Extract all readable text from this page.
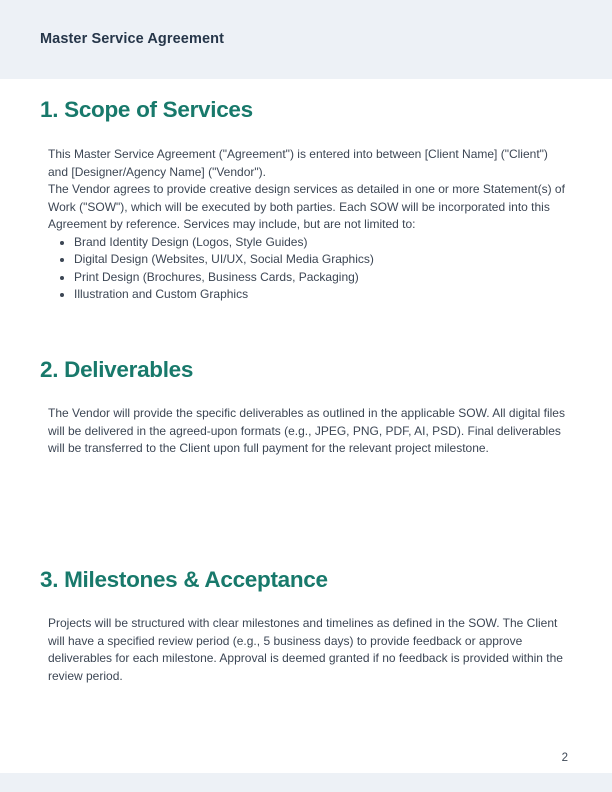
Master Service Agreement
1. Scope of Services

This Master Service Agreement ("Agreement") is entered into between [Client Name] ("Client") and [Designer/Agency Name] ("Vendor").

The Vendor agrees to provide creative design services as detailed in one or more Statement(s) of Work ("SOW"), which will be executed by both parties. Each SOW will be incorporated into this Agreement by reference. Services may include, but are not limited to:

• Brand Identity Design (Logos, Style Guides)
• Digital Design (Websites, UI/UX, Social Media Graphics)
• Print Design (Brochures, Business Cards, Packaging)
• Illustration and Custom Graphics
2. Deliverables

The Vendor will provide the specific deliverables as outlined in the applicable SOW. All digital files will be delivered in the agreed-upon formats (e.g., JPEG, PNG, PDF, AI, PSD). Final deliverables will be transferred to the Client upon full payment for the relevant project milestone.

3. Milestones & Acceptance

Projects will be structured with clear milestones and timelines as defined in the SOW. The Client will have a specified review period (e.g., 5 business days) to provide feedback or approve deliverables for each milestone. Approval is deemed granted if no feedback is provided within the review period.

2
